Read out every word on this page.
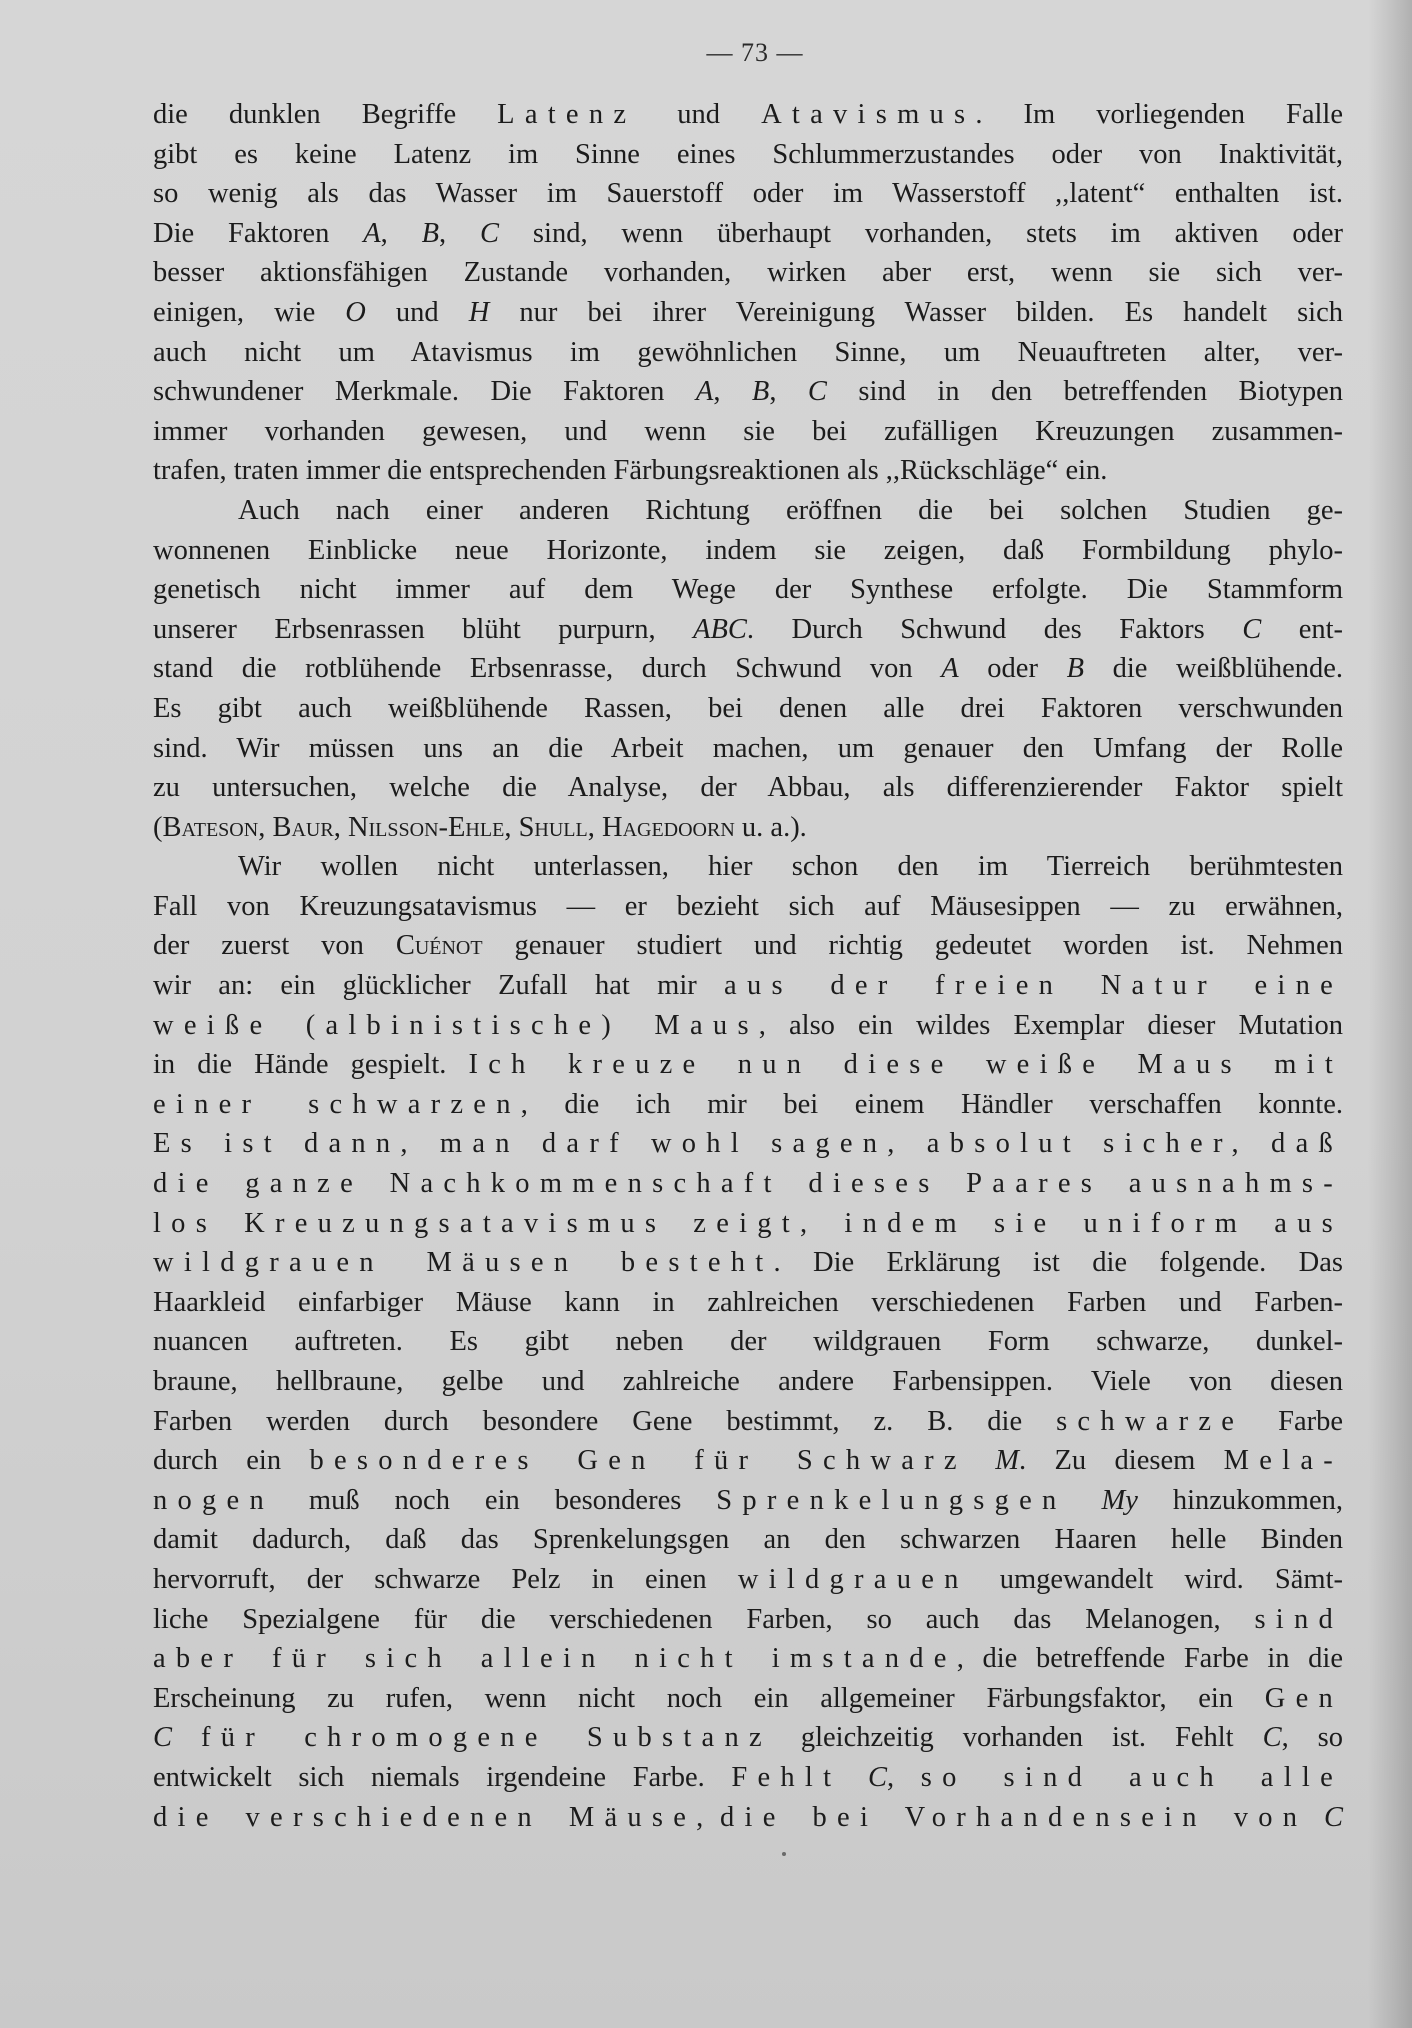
— 73 —
die dunklen Begriffe Latenz und Atavismus. Im vorliegenden Falle
gibt es keine Latenz im Sinne eines Schlummerzustandes oder von Inaktivität,
so wenig als das Wasser im Sauerstoff oder im Wasserstoff ,,latent“ enthalten ist.
Die Faktoren A, B, C sind, wenn überhaupt vorhanden, stets im aktiven oder
besser aktionsfähigen Zustande vorhanden, wirken aber erst, wenn sie sich ver-
einigen, wie O und H nur bei ihrer Vereinigung Wasser bilden. Es handelt sich
auch nicht um Atavismus im gewöhnlichen Sinne, um Neuauftreten alter, ver-
schwundener Merkmale. Die Faktoren A, B, C sind in den betreffenden Biotypen
immer vorhanden gewesen, und wenn sie bei zufälligen Kreuzungen zusammen-
trafen, traten immer die entsprechenden Färbungsreaktionen als ,,Rückschläge“ ein.
Auch nach einer anderen Richtung eröffnen die bei solchen Studien ge-
wonnenen Einblicke neue Horizonte, indem sie zeigen, daß Formbildung phylo-
genetisch nicht immer auf dem Wege der Synthese erfolgte. Die Stammform
unserer Erbsenrassen blüht purpurn, ABC. Durch Schwund des Faktors C ent-
stand die rotblühende Erbsenrasse, durch Schwund von A oder B die weißblühende.
Es gibt auch weißblühende Rassen, bei denen alle drei Faktoren verschwunden
sind. Wir müssen uns an die Arbeit machen, um genauer den Umfang der Rolle
zu untersuchen, welche die Analyse, der Abbau, als differenzierender Faktor spielt
(Bateson, Baur, Nilsson-Ehle, Shull, Hagedoorn u. a.).
Wir wollen nicht unterlassen, hier schon den im Tierreich berühmtesten
Fall von Kreuzungsatavismus — er bezieht sich auf Mäusesippen — zu erwähnen,
der zuerst von Cuénot genauer studiert und richtig gedeutet worden ist. Nehmen
wir an: ein glücklicher Zufall hat mir aus der freien Natur eine
weiße (albinistische) Maus, also ein wildes Exemplar dieser Mutation
in die Hände gespielt. Ich kreuze nun diese weiße Maus mit
einer schwarzen, die ich mir bei einem Händler verschaffen konnte.
Es ist dann, man darf wohl sagen, absolut sicher, daß
die ganze Nachkommenschaft dieses Paares ausnahms-
los Kreuzungsatavismus zeigt, indem sie uniform aus
wildgrauen Mäusen besteht. Die Erklärung ist die folgende. Das
Haarkleid einfarbiger Mäuse kann in zahlreichen verschiedenen Farben und Farben-
nuancen auftreten. Es gibt neben der wildgrauen Form schwarze, dunkel-
braune, hellbraune, gelbe und zahlreiche andere Farbensippen. Viele von diesen
Farben werden durch besondere Gene bestimmt, z. B. die schwarze Farbe
durch ein besonderes Gen für Schwarz M. Zu diesem Mela-
nogen muß noch ein besonderes Sprenkelungsgen My hinzukommen,
damit dadurch, daß das Sprenkelungsgen an den schwarzen Haaren helle Binden
hervorruft, der schwarze Pelz in einen wildgrauen umgewandelt wird. Sämt-
liche Spezialgene für die verschiedenen Farben, so auch das Melanogen, sind
aber für sich allein nicht imstande, die betreffende Farbe in die
Erscheinung zu rufen, wenn nicht noch ein allgemeiner Färbungsfaktor, ein Gen
C für chromogene Substanz gleichzeitig vorhanden ist. Fehlt C, so
entwickelt sich niemals irgendeine Farbe. Fehlt C, so sind auch alle
die verschiedenen Mäuse, die bei Vorhandensein von C
